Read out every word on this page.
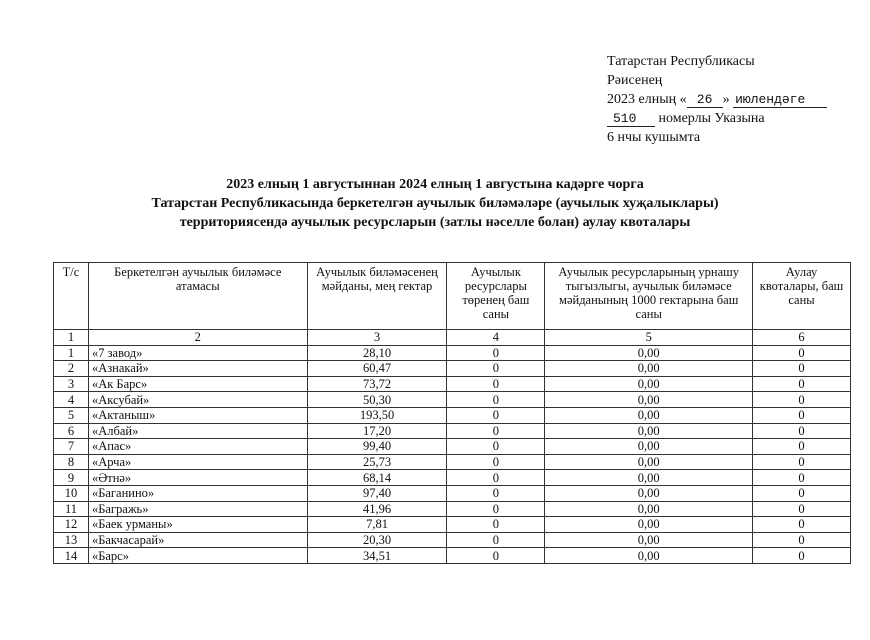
Татарстан Республикасы
Рәисенең
2023 елның « 26 » июлендәге
510 номерлы Указына
6 нчы кушымта
2023 елның 1 августыннан 2024 елның 1 августына кадәрге чорга
Татарстан Республикасында беркетелгән аучылык биләмәләре (аучылык хуҗалыклары)
территориясендә аучылык ресурсларын (затлы нәселле болан) аулау квоталары
Т/с	Беркетелгән аучылык биләмәсе атамасы	Аучылык биләмәсенең мәйданы, мең гектар	Аучылык ресурслары төренең баш саны	Аучылык ресурсларының урнашу тыгызлыгы, аучылык биләмәсе мәйданының 1000 гектарына баш саны	Аулау квоталары, баш саны
1	2	3	4	5	6
1	«7 завод»	28,10	0	0,00	0
2	«Азнакай»	60,47	0	0,00	0
3	«Ак Барс»	73,72	0	0,00	0
4	«Аксубай»	50,30	0	0,00	0
5	«Актаныш»	193,50	0	0,00	0
6	«Албай»	17,20	0	0,00	0
7	«Апас»	99,40	0	0,00	0
8	«Арча»	25,73	0	0,00	0
9	«Әтнә»	68,14	0	0,00	0
10	«Баганино»	97,40	0	0,00	0
11	«Багражь»	41,96	0	0,00	0
12	«Баек урманы»	7,81	0	0,00	0
13	«Бакчасарай»	20,30	0	0,00	0
14	«Барс»	34,51	0	0,00	0
